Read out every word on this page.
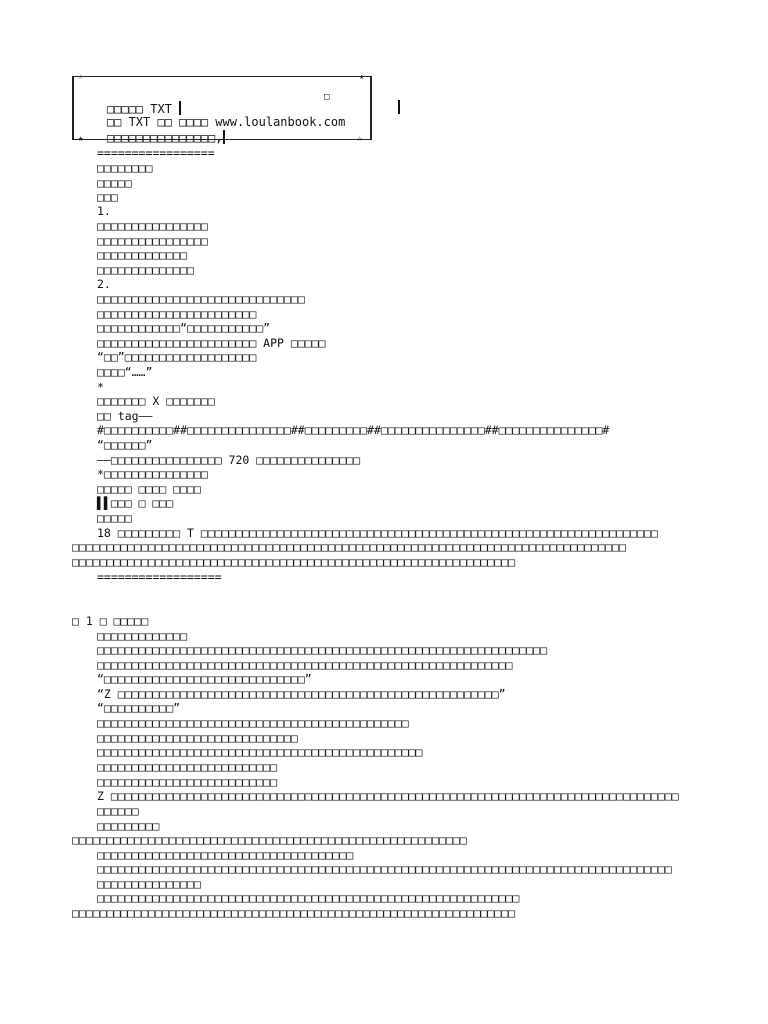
☆	★
★	☆

□□□□□ TXT

□

□□ TXT □□ □□□□ www.loulanbook.com

□□□□□□□□□□□□□□□,

=================
□□□□□□□□
□□□□□
□□□
1.
□□□□□□□□□□□□□□□□
□□□□□□□□□□□□□□□□
□□□□□□□□□□□□□
□□□□□□□□□□□□□□
2.
□□□□□□□□□□□□□□□□□□□□□□□□□□□□□□
□□□□□□□□□□□□□□□□□□□□□□□
□□□□□□□□□□□□“□□□□□□□□□□□”
□□□□□□□□□□□□□□□□□□□□□□□ APP □□□□□
“□□”□□□□□□□□□□□□□□□□□□□
□□□□“……”
*
□□□□□□□ X □□□□□□□
□□ tag——
#□□□□□□□□□□##□□□□□□□□□□□□□□□##□□□□□□□□□##□□□□□□□□□□□□□□□##□□□□□□□□□□□□□□□#
“□□□□□□”
——□□□□□□□□□□□□□□□□ 720 □□□□□□□□□□□□□□□
*□□□□□□□□□□□□□□□
□□□□□ □□□□ □□□□
▌▌□□□ □ □□□
□□□□□
18 □□□□□□□□□ T □□□□□□□□□□□□□□□□□□□□□□□□□□□□□□□□□□□□□□□□□□□□□□□□□□□□□□□□□□□□□□□□□□
□□□□□□□□□□□□□□□□□□□□□□□□□□□□□□□□□□□□□□□□□□□□□□□□□□□□□□□□□□□□□□□□□□□□□□□□□□□□□□□□
□□□□□□□□□□□□□□□□□□□□□□□□□□□□□□□□□□□□□□□□□□□□□□□□□□□□□□□□□□□□□□□□
==================
□ 1 □ □□□□□
□□□□□□□□□□□□□
□□□□□□□□□□□□□□□□□□□□□□□□□□□□□□□□□□□□□□□□□□□□□□□□□□□□□□□□□□□□□□□□□
□□□□□□□□□□□□□□□□□□□□□□□□□□□□□□□□□□□□□□□□□□□□□□□□□□□□□□□□□□□□
“□□□□□□□□□□□□□□□□□□□□□□□□□□□□□”
“Z □□□□□□□□□□□□□□□□□□□□□□□□□□□□□□□□□□□□□□□□□□□□□□□□□□□□□□□”
“□□□□□□□□□□”
□□□□□□□□□□□□□□□□□□□□□□□□□□□□□□□□□□□□□□□□□□□□□
□□□□□□□□□□□□□□□□□□□□□□□□□□□□□
□□□□□□□□□□□□□□□□□□□□□□□□□□□□□□□□□□□□□□□□□□□□□□□
□□□□□□□□□□□□□□□□□□□□□□□□□□
□□□□□□□□□□□□□□□□□□□□□□□□□□
Z □□□□□□□□□□□□□□□□□□□□□□□□□□□□□□□□□□□□□□□□□□□□□□□□□□□□□□□□□□□□□□□□□□□□□□□□□□□□□□□□□□
□□□□□□
□□□□□□□□□
□□□□□□□□□□□□□□□□□□□□□□□□□□□□□□□□□□□□□□□□□□□□□□□□□□□□□□□□□
□□□□□□□□□□□□□□□□□□□□□□□□□□□□□□□□□□□□□
□□□□□□□□□□□□□□□□□□□□□□□□□□□□□□□□□□□□□□□□□□□□□□□□□□□□□□□□□□□□□□□□□□□□□□□□□□□□□□□□□□□
□□□□□□□□□□□□□□□
□□□□□□□□□□□□□□□□□□□□□□□□□□□□□□□□□□□□□□□□□□□□□□□□□□□□□□□□□□□□□
□□□□□□□□□□□□□□□□□□□□□□□□□□□□□□□□□□□□□□□□□□□□□□□□□□□□□□□□□□□□□□□□
